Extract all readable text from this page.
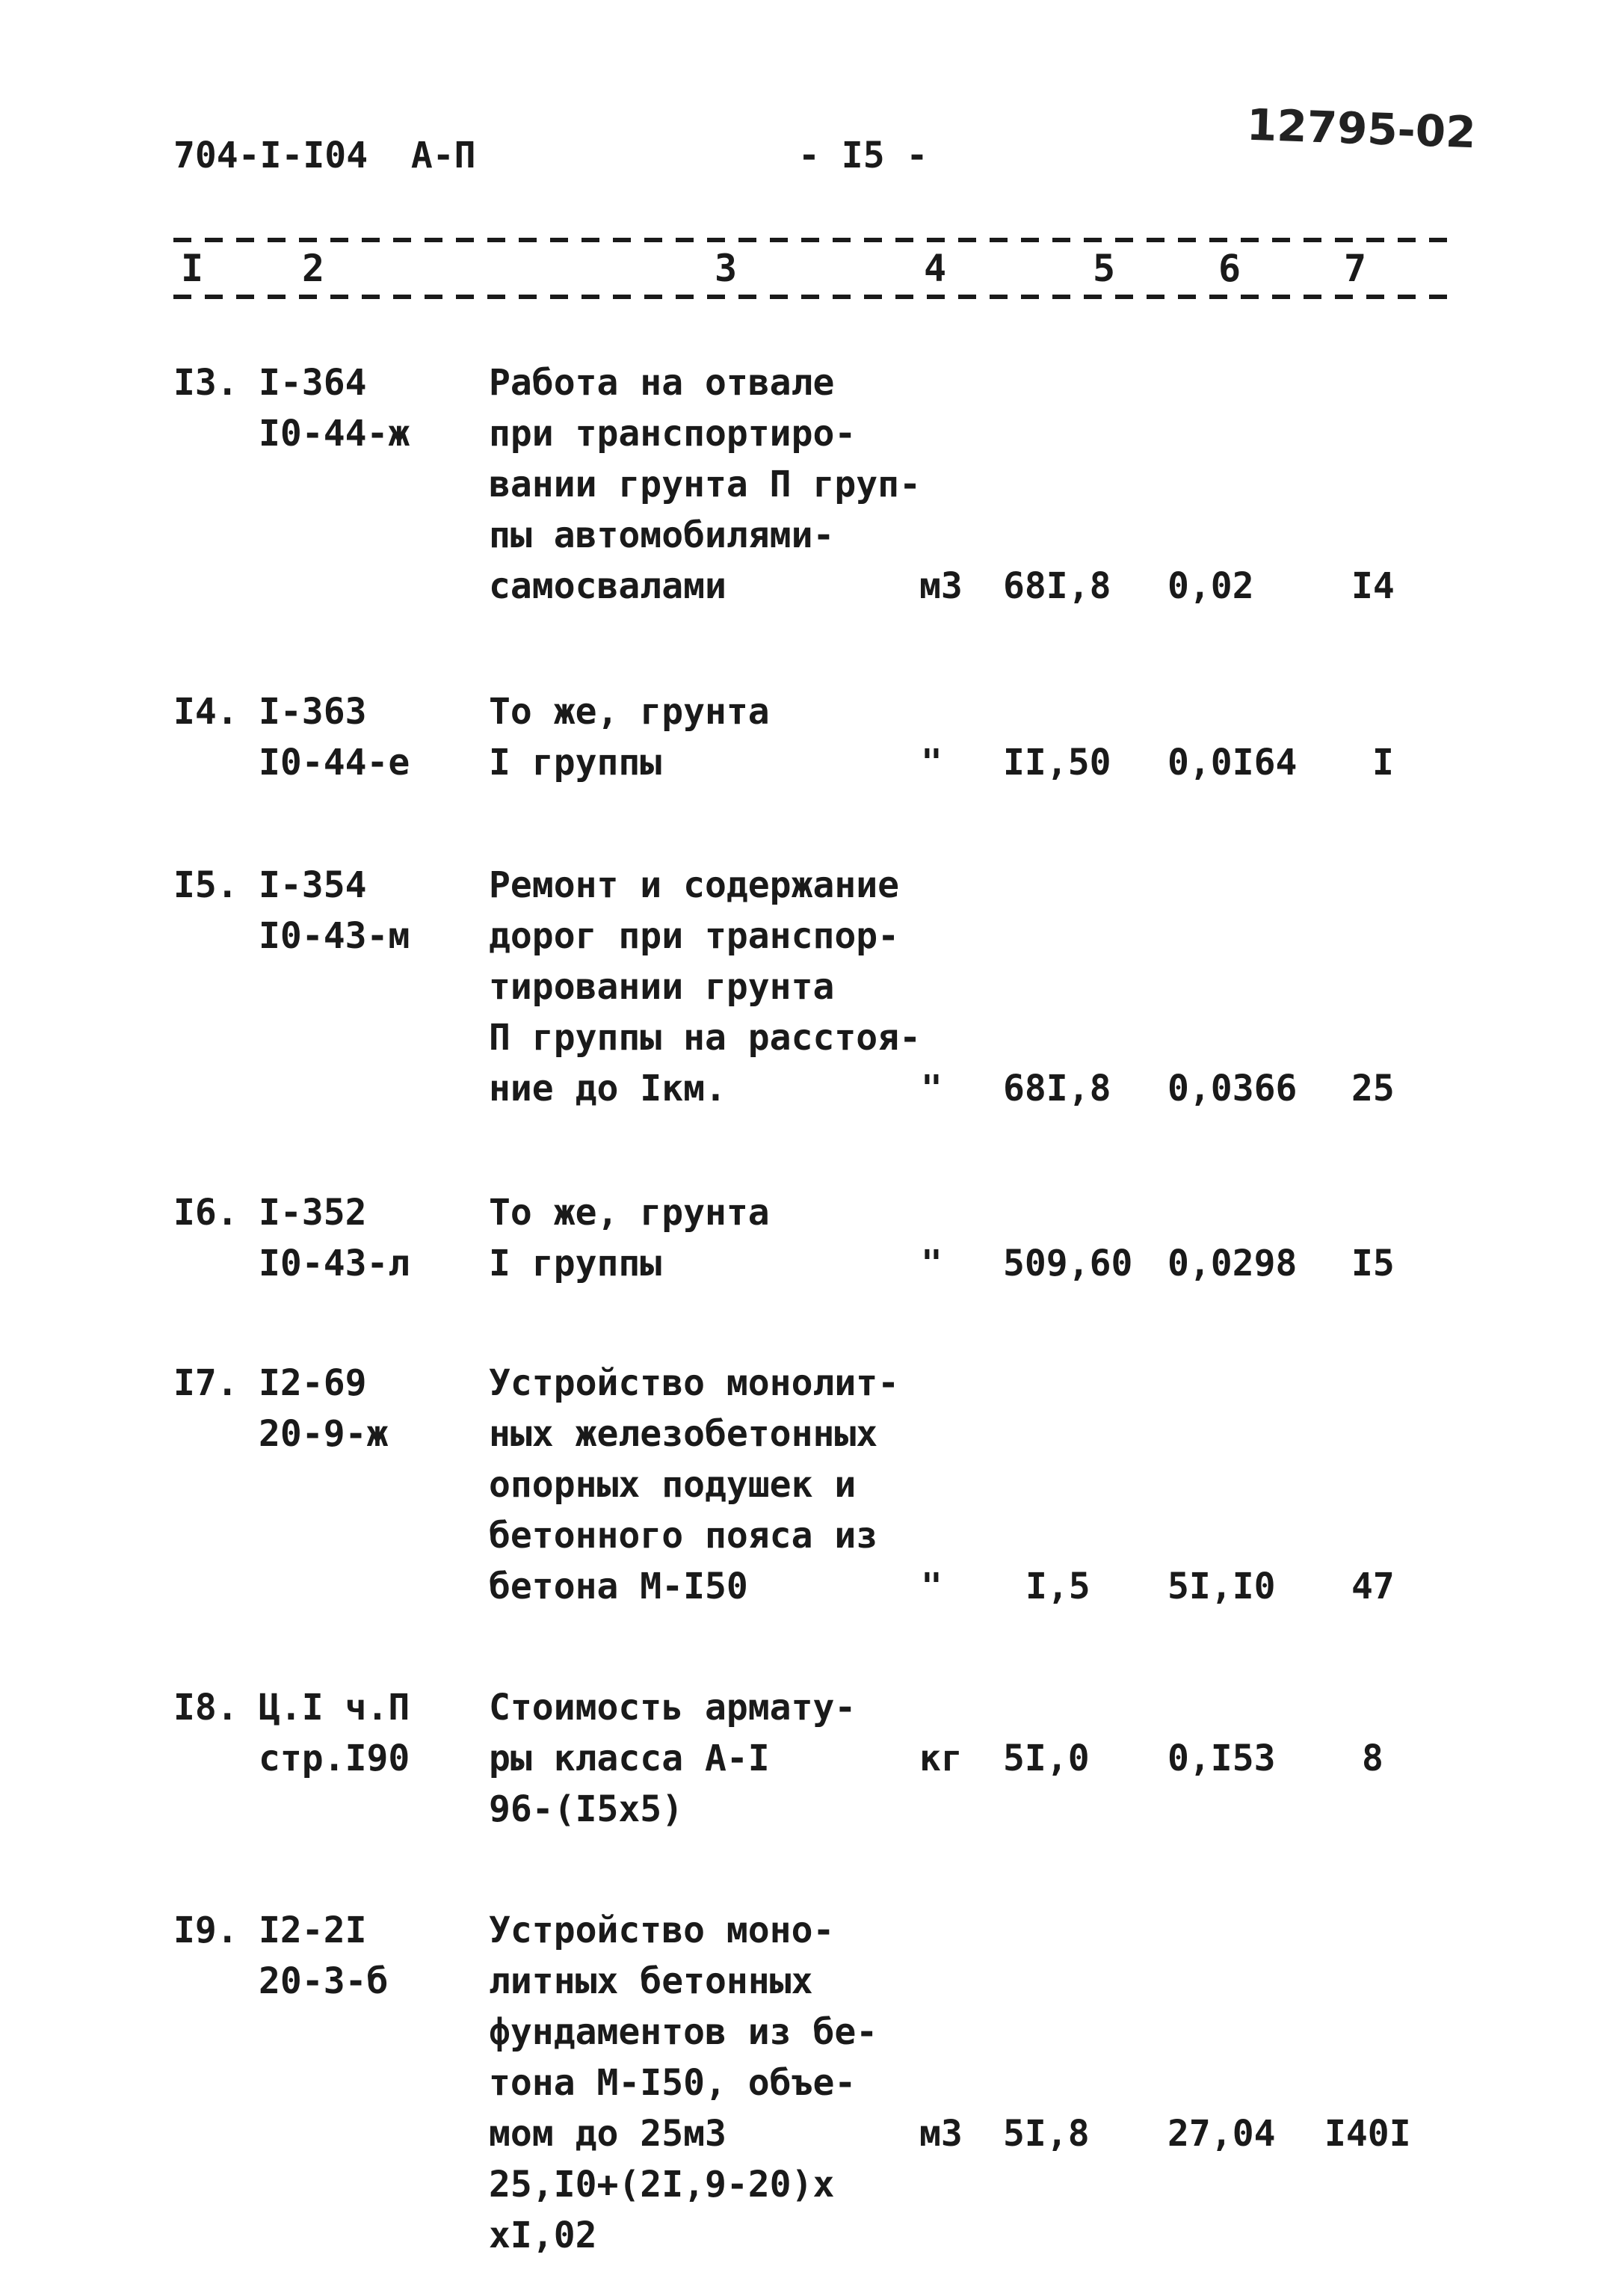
704-I-I04  А-П	- I5 -	12795-02
I	2	3	4	5	6	7
I3. I-364
I0-44-ж
Работа на отвале
при транспортиро-
вании грунта П груп-
пы автомобилями-
самосвалами	м3 68I,8 0,02	I4
I4. I-363
I0-44-е
То же, грунта
I группы	" II,50 0,0I64 I
I5. I-354
I0-43-м
Ремонт и содержание
дорог при транспор-
тировании грунта
П группы на расстоя-
ние до Iкм.	" 68I,8 0,0366 25
I6. I-352
I0-43-л
То же, грунта
I группы	" 509,60 0,0298 I5
I7. I2-69
20-9-ж
Устройство монолит-
ных железобетонных
опорных подушек и
бетонного пояса из
бетона М-I50	" I,5 5I,I0 47
I8. Ц.I ч.П
стр.I90
Стоимость армату-
ры класса А-I
96-(I5х5)
кг 5I,0 0,I53 8
I9. I2-2I
20-3-б
Устройство моно-
литных бетонных
фундаментов из бе-
тона М-I50, объе-
мом до 25м3
25,I0+(2I,9-20)х
хI,02
м3 5I,8 27,04 I40I
